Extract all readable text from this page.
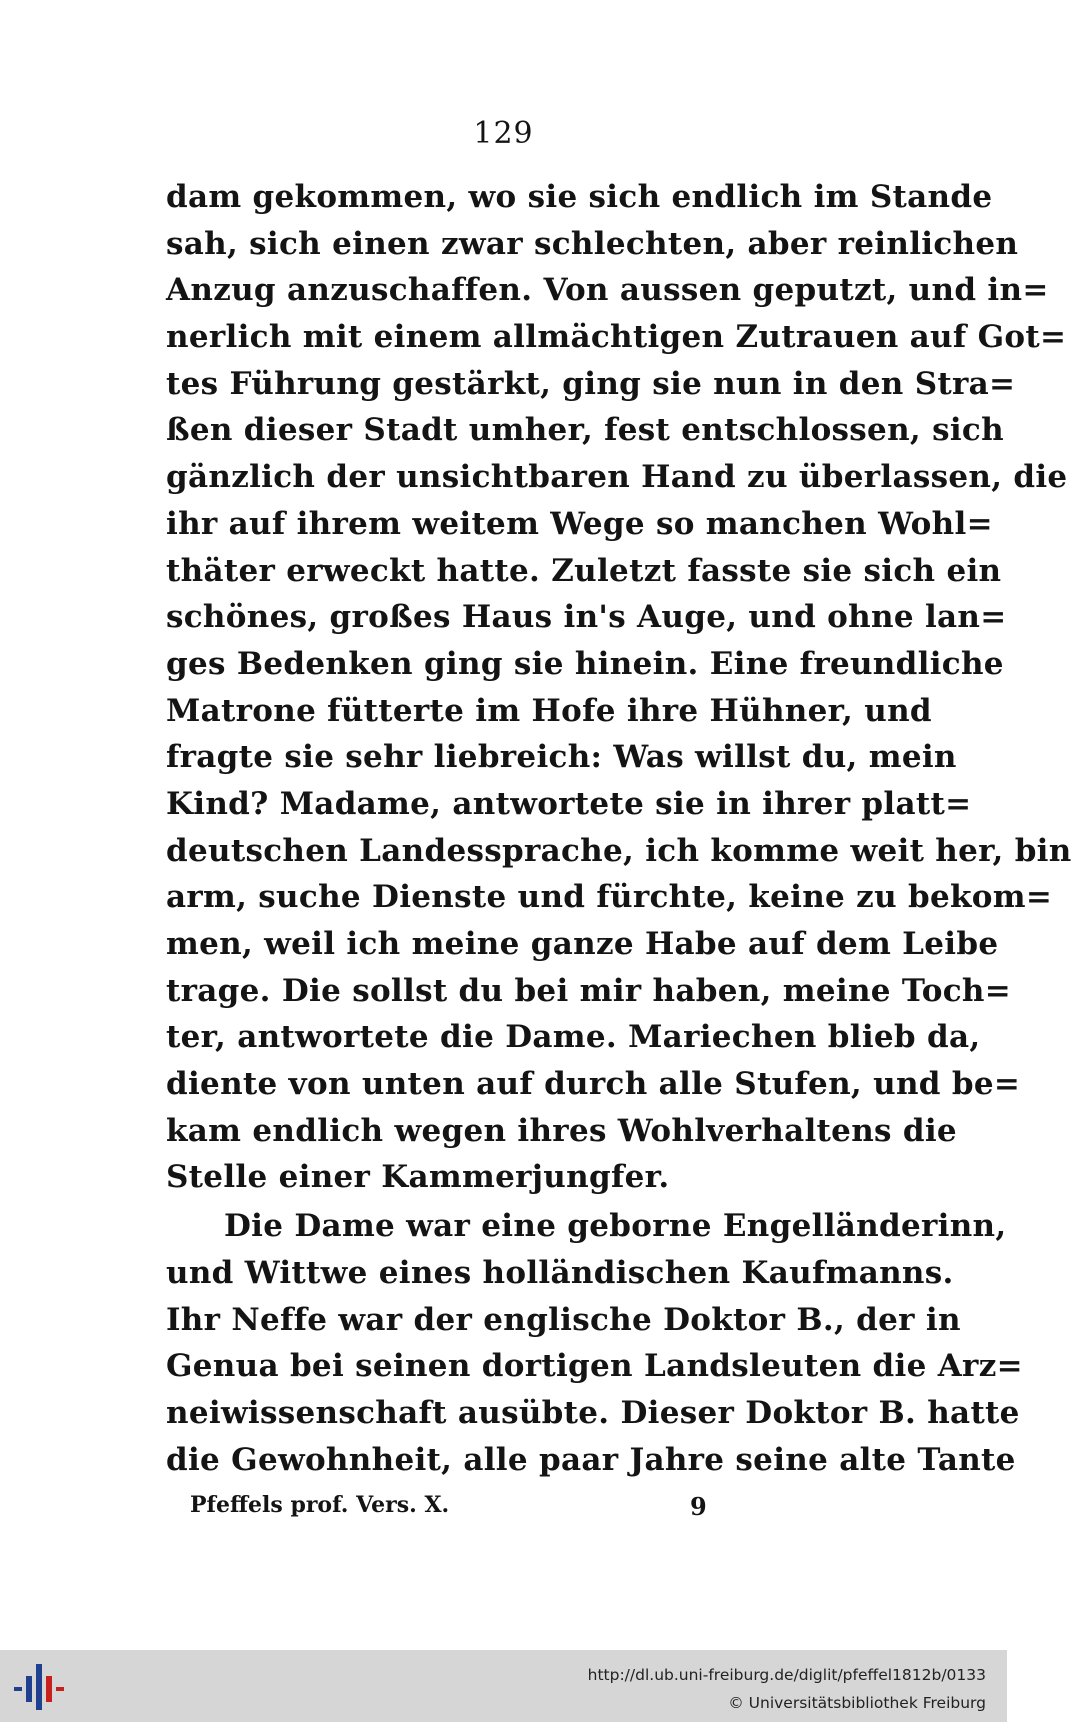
129
dam gekommen, wo sie sich endlich im Stande
sah, sich einen zwar schlechten, aber reinlichen
Anzug anzuschaffen. Von aussen geputzt, und in=
nerlich mit einem allmächtigen Zutrauen auf Got=
tes Führung gestärkt, ging sie nun in den Stra=
ßen dieser Stadt umher, fest entschlossen, sich
gänzlich der unsichtbaren Hand zu überlassen, die
ihr auf ihrem weitem Wege so manchen Wohl=
thäter erweckt hatte. Zuletzt fasste sie sich ein
schönes, großes Haus in's Auge, und ohne lan=
ges Bedenken ging sie hinein. Eine freundliche
Matrone fütterte im Hofe ihre Hühner, und
fragte sie sehr liebreich: Was willst du, mein
Kind? Madame, antwortete sie in ihrer platt=
deutschen Landessprache, ich komme weit her, bin
arm, suche Dienste und fürchte, keine zu bekom=
men, weil ich meine ganze Habe auf dem Leibe
trage. Die sollst du bei mir haben, meine Toch=
ter, antwortete die Dame. Mariechen blieb da,
diente von unten auf durch alle Stufen, und be=
kam endlich wegen ihres Wohlverhaltens die
Stelle einer Kammerjungfer.
Die Dame war eine geborne Engelländerinn,
und Wittwe eines holländischen Kaufmanns.
Ihr Neffe war der englische Doktor B., der in
Genua bei seinen dortigen Landsleuten die Arz=
neiwissenschaft ausübte. Dieser Doktor B. hatte
die Gewohnheit, alle paar Jahre seine alte Tante
Pfeffels prof. Vers. X.	9
http://dl.ub.uni-freiburg.de/diglit/pfeffel1812b/0133
© Universitätsbibliothek Freiburg
